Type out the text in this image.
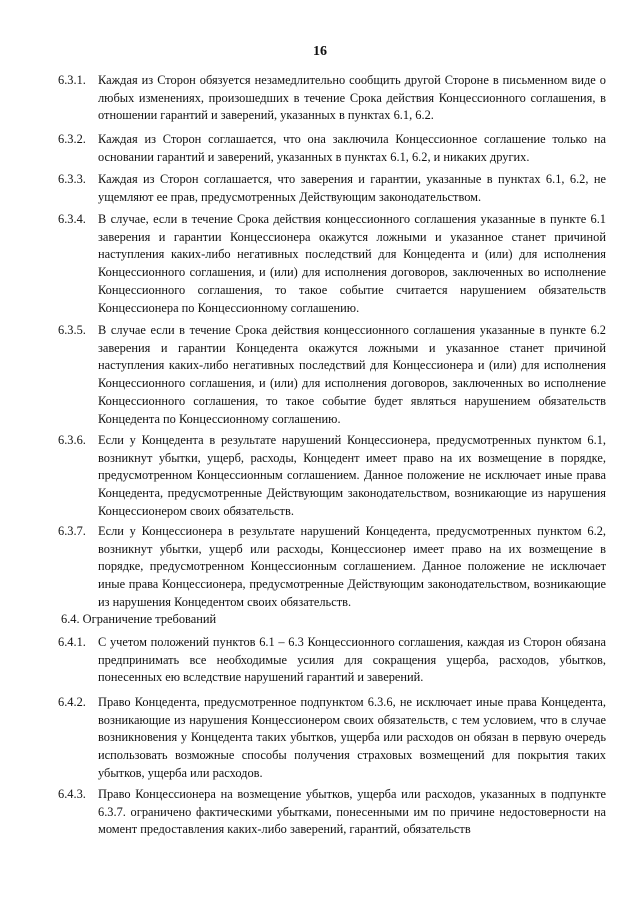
16
6.3.1. Каждая из Сторон обязуется незамедлительно сообщить другой Стороне в письменном виде о любых изменениях, произошедших в течение Срока действия Концессионного соглашения, в отношении гарантий и заверений, указанных в пунктах 6.1, 6.2.
6.3.2. Каждая из Сторон соглашается, что она заключила Концессионное соглашение только на основании гарантий и заверений, указанных в пунктах 6.1, 6.2, и никаких других.
6.3.3. Каждая из Сторон соглашается, что заверения и гарантии, указанные в пунктах 6.1, 6.2, не ущемляют ее прав, предусмотренных Действующим законодательством.
6.3.4. В случае, если в течение Срока действия концессионного соглашения указанные в пункте 6.1 заверения и гарантии Концессионера окажутся ложными и указанное станет причиной наступления каких-либо негативных последствий для Концедента и (или) для исполнения Концессионного соглашения, и (или) для исполнения договоров, заключенных во исполнение Концессионного соглашения, то такое событие считается нарушением обязательств Концессионера по Концессионному соглашению.
6.3.5. В случае если в течение Срока действия концессионного соглашения указанные в пункте 6.2 заверения и гарантии Концедента окажутся ложными и указанное станет причиной наступления каких-либо негативных последствий для Концессионера и (или) для исполнения Концессионного соглашения, и (или) для исполнения договоров, заключенных во исполнение Концессионного соглашения, то такое событие будет являться нарушением обязательств Концедента по Концессионному соглашению.
6.3.6. Если у Концедента в результате нарушений Концессионера, предусмотренных пунктом 6.1, возникнут убытки, ущерб, расходы, Концедент имеет право на их возмещение в порядке, предусмотренном Концессионным соглашением. Данное положение не исключает иные права Концедента, предусмотренные Действующим законодательством, возникающие из нарушения Концессионером своих обязательств.
6.3.7. Если у Концессионера в результате нарушений Концедента, предусмотренных пунктом 6.2, возникнут убытки, ущерб или расходы, Концессионер имеет право на их возмещение в порядке, предусмотренном Концессионным соглашением. Данное положение не исключает иные права Концессионера, предусмотренные Действующим законодательством, возникающие из нарушения Концедентом своих обязательств.
6.4. Ограничение требований
6.4.1. С учетом положений пунктов 6.1 – 6.3 Концессионного соглашения, каждая из Сторон обязана предпринимать все необходимые усилия для сокращения ущерба, расходов, убытков, понесенных ею вследствие нарушений гарантий и заверений.
6.4.2. Право Концедента, предусмотренное подпунктом 6.3.6, не исключает иные права Концедента, возникающие из нарушения Концессионером своих обязательств, с тем условием, что в случае возникновения у Концедента таких убытков, ущерба или расходов он обязан в первую очередь использовать возможные способы получения страховых возмещений для покрытия таких убытков, ущерба или расходов.
6.4.3. Право Концессионера на возмещение убытков, ущерба или расходов, указанных в подпункте 6.3.7. ограничено фактическими убытками, понесенными им по причине недостоверности на момент предоставления каких-либо заверений, гарантий, обязательств
